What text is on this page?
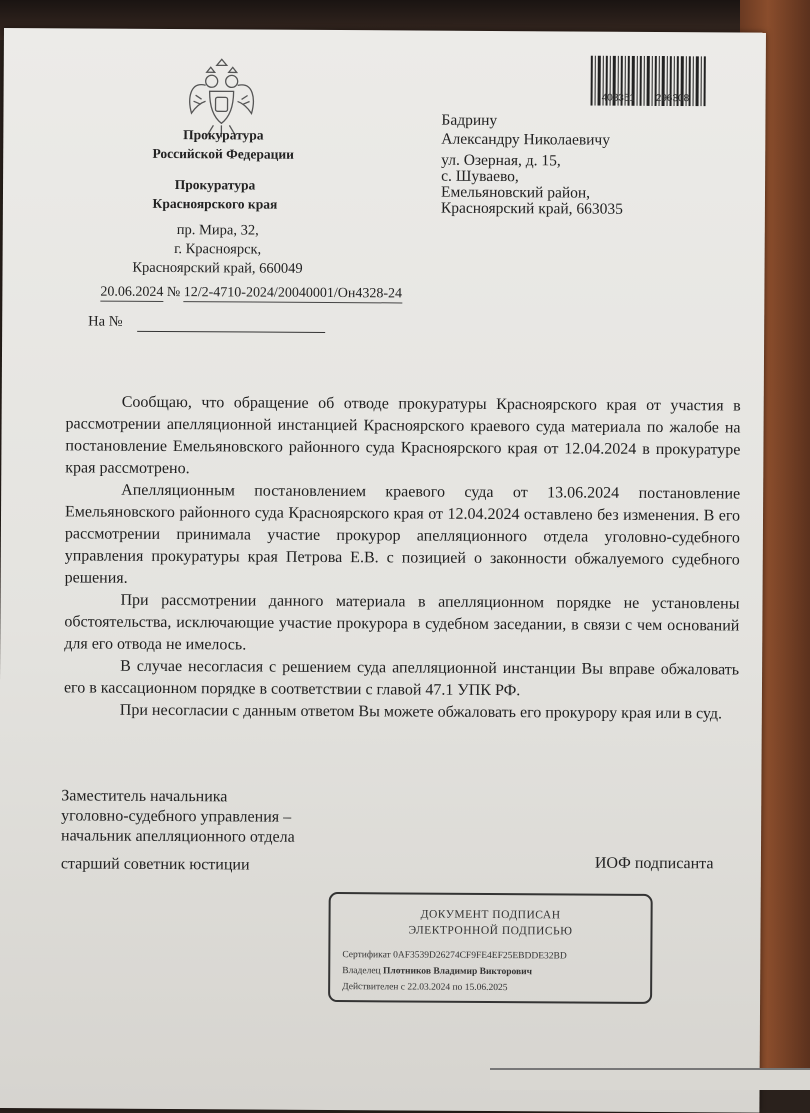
Прокуратура
Российской Федерации
Прокуратура
Красноярского края
пр. Мира, 32,
г. Красноярск,
Красноярский край, 660049
408351 296308
Бадрину
Александру Николаевичу
ул. Озерная, д. 15,
с. Шуваево,
Емельяновский район,
Красноярский край, 663035
20.06.2024 № 12/2-4710-2024/20040001/Он4328-24
На №

Сообщаю, что обращение об отводе прокуратуры Красноярского края от участия в рассмотрении апелляционной инстанцией Красноярского краевого суда материала по жалобе на постановление Емельяновского районного суда Красноярского края от 12.04.2024 в прокуратуре края рассмотрено.

Апелляционным постановлением краевого суда от 13.06.2024 постановление Емельяновского районного суда Красноярского края от 12.04.2024 оставлено без изменения. В его рассмотрении принимала участие прокурор апелляционного отдела уголовно-судебного управления прокуратуры края Петрова Е.В. с позицией о законности обжалуемого судебного решения.

При рассмотрении данного материала в апелляционном порядке не установлены обстоятельства, исключающие участие прокурора в судебном заседании, в связи с чем оснований для его отвода не имелось.

В случае несогласия с решением суда апелляционной инстанции Вы вправе обжаловать его в кассационном порядке в соответствии с главой 47.1 УПК РФ.

При несогласии с данным ответом Вы можете обжаловать его прокурору края или в суд.

Заместитель начальника
уголовно-судебного управления –
начальник апелляционного отдела
старший советник юстиции	ИОФ подписанта
ДОКУМЕНТ ПОДПИСАН
ЭЛЕКТРОННОЙ ПОДПИСЬЮ
Сертификат 0AF3539D26274CF9FE4EF25EBDDE32BD
Владелец Плотников Владимир Викторович
Действителен с 22.03.2024 по 15.06.2025
